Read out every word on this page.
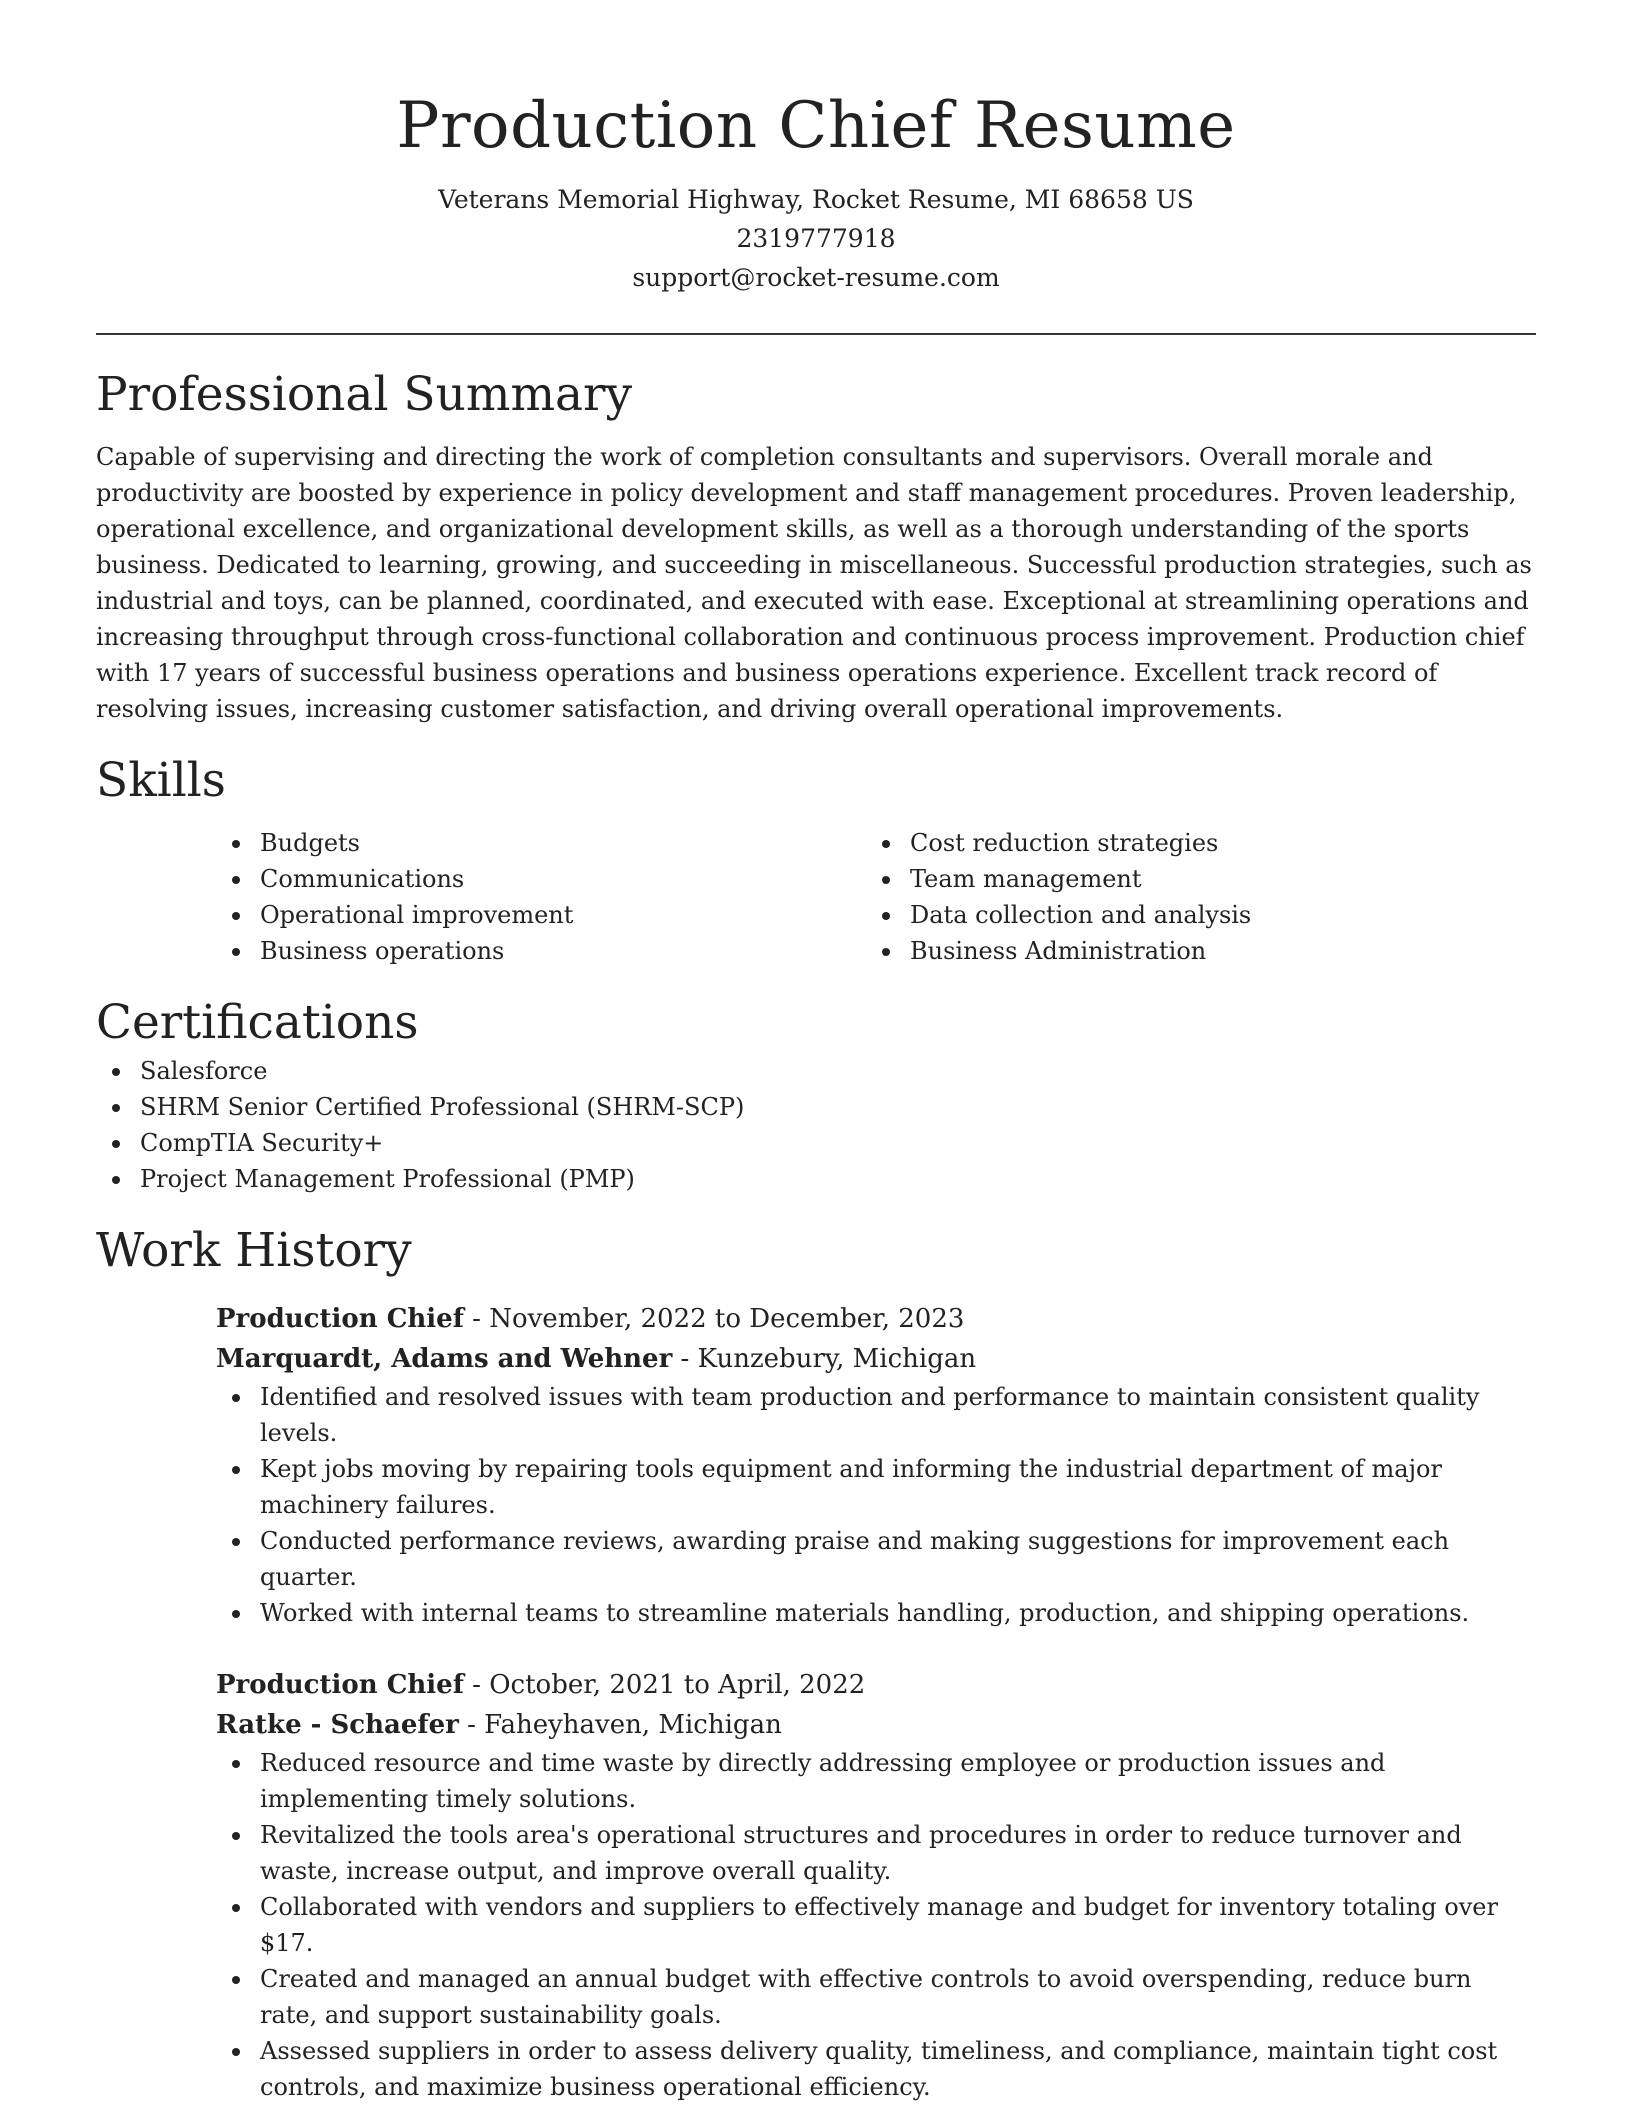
Production Chief Resume
Veterans Memorial Highway, Rocket Resume, MI 68658 US
2319777918
support@rocket-resume.com
Professional Summary

Capable of supervising and directing the work of completion consultants and supervisors. Overall morale and productivity are boosted by experience in policy development and staff management procedures. Proven leadership, operational excellence, and organizational development skills, as well as a thorough understanding of the sports business. Dedicated to learning, growing, and succeeding in miscellaneous. Successful production strategies, such as industrial and toys, can be planned, coordinated, and executed with ease. Exceptional at streamlining operations and increasing throughput through cross-functional collaboration and continuous process improvement. Production chief with 17 years of successful business operations and business operations experience. Excellent track record of resolving issues, increasing customer satisfaction, and driving overall operational improvements.

Skills
Budgets
Communications
Operational improvement
Business operations
Cost reduction strategies
Team management
Data collection and analysis
Business Administration
Certifications
Salesforce
SHRM Senior Certified Professional (SHRM-SCP)
CompTIA Security+
Project Management Professional (PMP)
Work History
Production Chief - November, 2022 to December, 2023
Marquardt, Adams and Wehner - Kunzebury, Michigan
Identified and resolved issues with team production and performance to maintain consistent quality levels.
Kept jobs moving by repairing tools equipment and informing the industrial department of major machinery failures.
Conducted performance reviews, awarding praise and making suggestions for improvement each quarter.
Worked with internal teams to streamline materials handling, production, and shipping operations.
Production Chief - October, 2021 to April, 2022
Ratke - Schaefer - Faheyhaven, Michigan
Reduced resource and time waste by directly addressing employee or production issues and implementing timely solutions.
Revitalized the tools area's operational structures and procedures in order to reduce turnover and waste, increase output, and improve overall quality.
Collaborated with vendors and suppliers to effectively manage and budget for inventory totaling over $17.
Created and managed an annual budget with effective controls to avoid overspending, reduce burn rate, and support sustainability goals.
Assessed suppliers in order to assess delivery quality, timeliness, and compliance, maintain tight cost controls, and maximize business operational efficiency.
